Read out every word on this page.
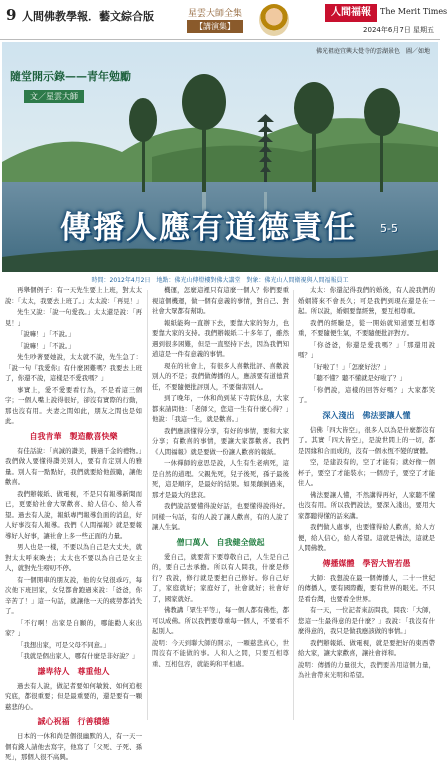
9 人間佛教學報．藝文綜合版	星雲大師全集
【講演集】
人間福報	The Merit Times
2024年6月7日 星期五
佛光祖庭宜興大覺寺的雲湖景色　圖／如地
隨堂開示錄——青年勉勵
文／星雲大師
傳播人應有道德責任 5-5
時間：2012年4月2日　地點：佛光山傳燈樓對佛大講堂　對象：佛光山人間衛視與人間福報員工

再舉個例子：有一天先生要上上班，對太太說：「太太，我要去上班了。」太太說：「再見！」

先生又說：「說一句愛我。」太太還是說：「再見！」

「說嘛！」「不說。」

「說嘛！」「不說。」

先生吵著要她說，太太就不說，先生急了：「說一句『我愛你』有什麼困難嗎？我要去上班了，你還不說，這樣是不愛我嗎？」

事實上，愛不愛要看行為，不是看這三個字；一個人嘴上說得很好，卻沒有實際的行動，那也沒有用。夫妻之間如此，朋友之間也是如此。

自我肯華　製造歡喜快樂

有佳話說：「真誠的讚美，勝過千金的禮物。」我們做人要懂得讚美別人，要有肯定別人的雅量。別人有一點點好，我們就要給他鼓勵，讓他歡喜。

我們辦報紙、做電視，不是只有報導新聞而已，更要給社會大眾歡喜、給人信心、給人希望。過去有人說，報紙專門報導負面的消息，好人好事沒有人報導。我們《人間福報》就是要報導好人好事，讓社會上多一些正面的力量。

男人也是一樣，不要以為自己是大丈夫，就對太太呼來喚去；太太也不要以為自己是女主人，就對先生嘮叨不停。

有一個開車的朋友說，他的女兒很乖巧，每次他下班回家，女兒都會跑過來說：「爸爸，你辛苦了！」這一句話，就讓他一天的疲勞都消失了。

「不行啊！出家是自願的，哪能勸人來出家？」

「我想出家，可是父母不同意。」

「我就是個出家人，哪有什麼是非好說？」

謙卑待人　尊重他人

過去有人說，做記者要如何敏銳、如何追根究底，都很重要；但是最重要的，還是要有一顆慈悲的心。

誠心祝福　行善積德

日本的一休和尚是個很幽默的人，有一天一個有錢人請他去寫字，他寫了「父死、子死、孫死」，那個人很不高興。

機運，怎麼這裡只有這麼一個人？你們要重視這個機運，做一個有意義的事情，對自己、對社會大眾都有幫助。

報紙能夠一直辦下去，要靠大家的努力，也要靠大家的支持。我們辦報紙二十多年了，雖然遇到很多困難，但是一直堅持下去，因為我們知道這是一件有意義的事情。

現在的社會上，有很多人喜歡批評、喜歡說別人的不是；我們做傳播的人，應該要有道德責任，不要隨便批評別人，不要傷害別人。

到了晚年，一休和尚到某下寺院休息，大家都來請問他：「老師父，您這一生有什麼心得？」他說：「我這一生，就是歡喜。」

我們應該懂得分享，有好的事情，要和大家分享；有歡喜的事情，要讓大家都歡喜。我們《人間福報》就是要做一份讓人歡喜的報紙。

一休禪師的意思是說，人生有生老病死，這是自然的道理。父親先死，兒子後死，孫子最後死，這是順序，是最好的結果。如果顛倒過來，那才是最大的悲哀。

我們說話要懂得說好話，也要懂得說得好。同樣一句話，有的人說了讓人歡喜，有的人說了讓人生氣。

僧口萬人　自我健全做起

愛自己，就要當下要尊敬自己，人生是自己的，要自己去承擔。所以有人問我，什麼是修行？我說，修行就是要把自己修好。你自己好了，家庭就好；家庭好了，社會就好；社會好了，國家就好。

佛教講「眾生平等」，每一個人都有佛性，都可以成佛。所以我們要尊重每一個人，不要看不起別人。

說明：今天到聯大師的開示，一顆慈悲真心，世間沒有不能做的事。人和人之間，只要互相尊重、互相包容，就能夠和平相處。

太太：你還記得我們的婚後，有人說我們的婚姻將來不會長久；可是我們到現在還是在一起。所以說，婚姻要靠經營，要互相尊重。

我們的經驗是，從一開始就知道要互相尊重，不要隨便生氣，不要隨便批評對方。

「你爸爸，你還是愛我嗎？」「那還用說嗎？」

「好啦了！」「怎麼好法？」

「聽不懂？聽不懂就是好啦了？」

「你們說，這樣的回答好嗎？」大家都笑了。

深入淺出　佛法要讓人懂

信佛「四大皆空」，很多人以為是什麼都沒有了。其實「四大皆空」，是說世間上的一切，都是因緣和合而成的，沒有一個永恆不變的實體。

空，是建設有的，空了才能有；就好像一個杯子，要空了才能裝水；一個房子，要空了才能住人。

佛法要讓人懂，不然講得再好，人家聽不懂也沒有用。所以我們說法，要深入淺出，要用大家都聽得懂的話來講。

我們做人處事，也要懂得給人歡喜，給人方便，給人信心，給人希望。這就是佛法，這就是人間佛教。

傳播媒體　學習大智若愚

大師：我想說在最一個傳播人，二十一世紀的傳播人，要有國際觀，要有世界的眼光。不只是看台灣，也要看全世界。

有一天，一位記者來訪問我，問我：「大師，您這一生最得意的是什麼？」我說：「我沒有什麼得意的，我只是做我應該做的事情。」

我們辦報紙、做電視，就是要把好的東西帶給大家，讓大家歡喜，讓社會祥和。

說明：傳播的力量很大，我們要善用這個力量，為社會帶來光明和希望。
